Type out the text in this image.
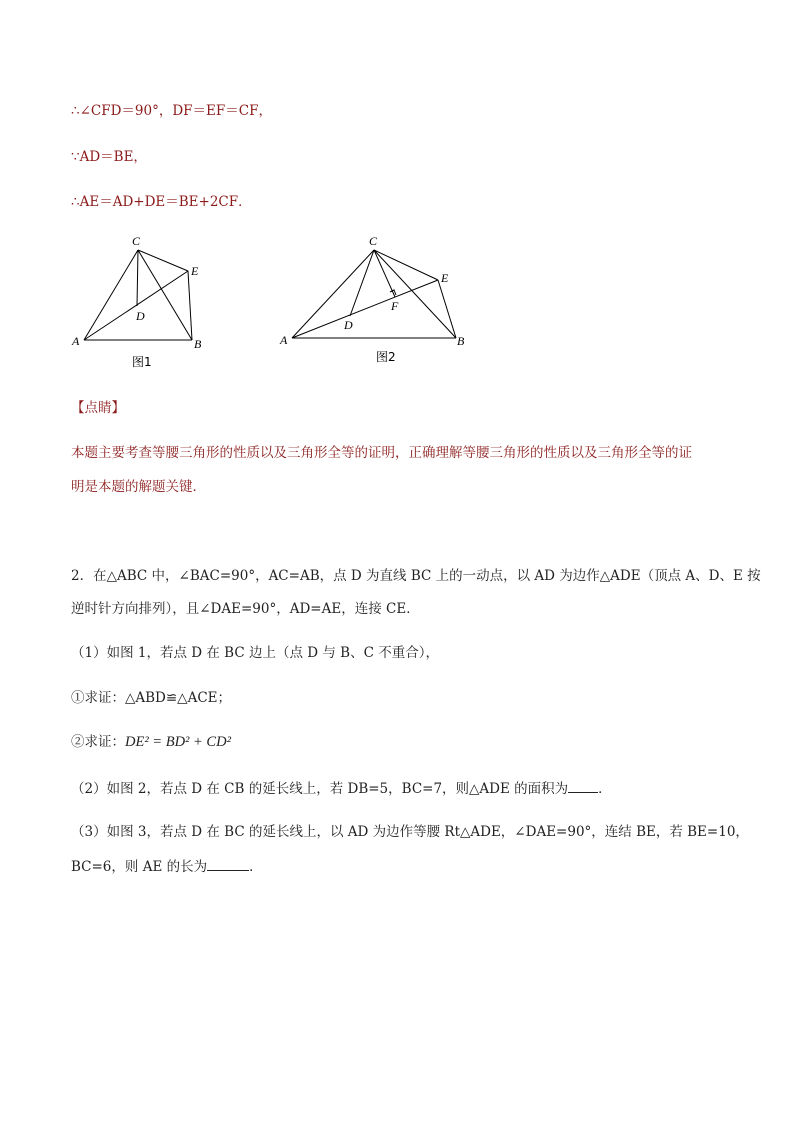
∴∠CFD＝90°，DF＝EF＝CF，
∵AD＝BE，
∴AE＝AD+DE＝BE+2CF．
C
E
D
A	B
图1
C
E
F
D
A	B
图2
【点睛】
本题主要考查等腰三角形的性质以及三角形全等的证明，正确理解等腰三角形的性质以及三角形全等的证
明是本题的解题关键．
2．在△ABC 中，∠BAC=90°，AC=AB，点 D 为直线 BC 上的一动点，以 AD 为边作△ADE（顶点 A、D、E 按
逆时针方向排列），且∠DAE=90°，AD=AE，连接 CE．
（1）如图 1，若点 D 在 BC 边上（点 D 与 B、C 不重合），
①求证：△ABD≌△ACE；
②求证：DE² = BD² + CD²
（2）如图 2，若点 D 在 CB 的延长线上，若 DB=5，BC=7，则△ADE 的面积为 ．
（3）如图 3，若点 D 在 BC 的延长线上，以 AD 为边作等腰 Rt△ADE，∠DAE=90°，连结 BE，若 BE=10，
BC=6，则 AE 的长为	．
